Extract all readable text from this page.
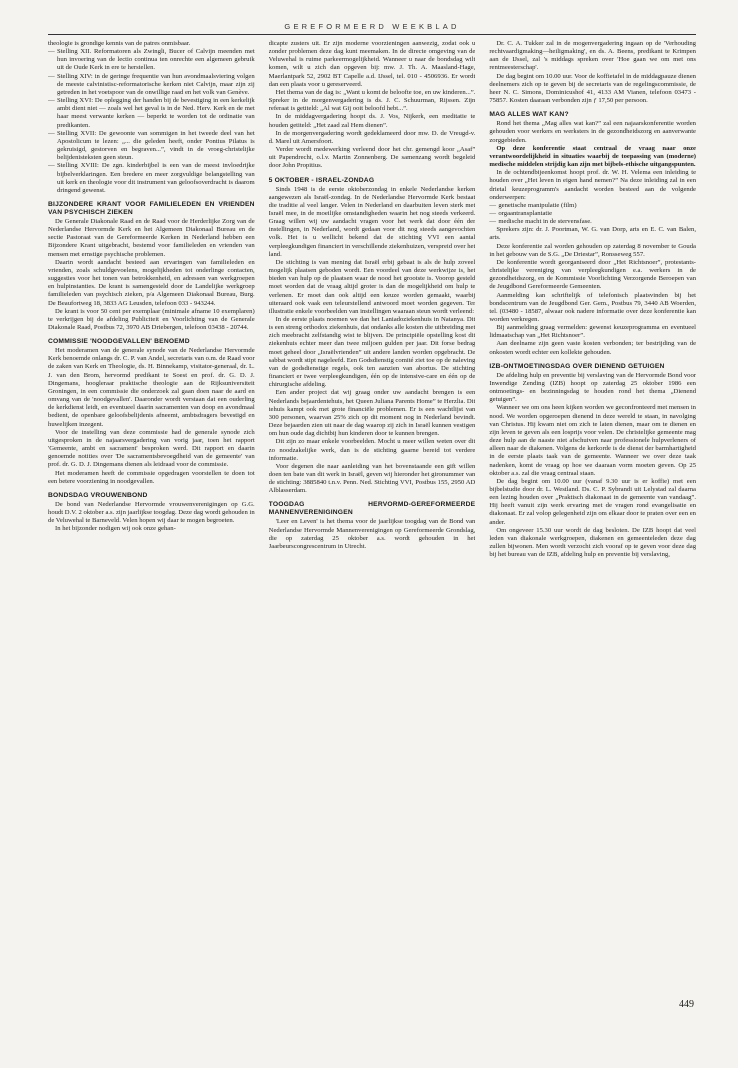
GEREFORMEERD WEEKBLAD

theologie is grondige kennis van de patres onmisbaar.

— Stelling XII. Reformatoren als Zwingli, Bucer of Calvijn meenden met hun invoering van de lectio continua ten onrechte een algemeen gebruik uit de Oude Kerk in ere te herstellen.
— Stelling XIV: in de geringe frequentie van hun avondmaalsviering volgen de meeste calvinistisc-reformatorische kerken niet Calvijn, maar zijn zij getreden in het voetspoor van de onwillige raad en het volk van Genève.
— Stelling XVI: De oplegging der handen bij de bevestiging in een kerkelijk ambt dient niet — zoals wel het geval is in de Ned. Herv. Kerk en de met haar meest verwante kerken — beperkt te worden tot de ordinatie van predikanten.
— Stelling XVII: De gewoonte van sommigen in het tweede deel van het Apostolicum te lezen: „... die geleden heeft, onder Pontius Pilatus is gekruisigd, gestorven en begraven...”, vindt in de vroeg-christelijke belijdenisteksten geen steun.
— Stelling XVIII: De zgn. kinderbijbel is een van de meest invloedrijke bijbelverklaringen. Een bredere en meer zorgvuldige belangstelling van uit kerk en theologie voor dit instrument van geloofsoverdracht is daarom dringend gewenst.
BIJZONDERE KRANT VOOR FAMILIELEDEN EN VRIENDEN VAN PSYCHISCH ZIEKEN

De Generale Diakonale Raad en de Raad voor de Herderlijke Zorg van de Nederlandse Hervormde Kerk en het Algemeen Diakonaal Bureau en de sectie Pastoraat van de Gereformeerde Kerken in Nederland hebben een Bijzondere Krant uitgebracht, bestemd voor familieleden en vrienden van mensen met ernstige psychische problemen.

Daarin wordt aandacht besteed aan ervaringen van familieleden en vrienden, zoals schuldgevoelens, mogelijkheden tot onderlinge contacten, suggesties voor het tonen van betrokkenheid, en adressen van werkgroepen en hulpinstanties. De krant is samengesteld door de Landelijke werkgroep familieleden van psychisch zieken, p/a Algemeen Diakonaal Bureau, Burg. De Beaufortweg 18, 3833 AG Leusden, telefoon 033 - 943244.

De krant is voor 50 cent per exemplaar (minimale afname 10 exemplaren) te verkrijgen bij de afdeling Publiciteit en Voorlichting van de Generale Diakonale Raad, Postbus 72, 3970 AB Driebergen, telefoon 03438 - 20744.

COMMISSIE 'NOODGEVALLEN' BENOEMD

Het moderamen van de generale synode van de Nederlandse Hervormde Kerk benoemde onlangs dr. C. P. van Andel, secretaris van o.m. de Raad voor de zaken van Kerk en Theologie, ds. H. Binnekamp, visitator-generaal, dr. L. J. van den Brom, hervormd predikant te Soest en prof. dr. G. D. J. Dingemans, hoogleraar praktische theologie aan de Rijksuniversiteit Groningen, in een commissie die onderzoek zal gaan doen naar de aard en omvang van de 'noodgevallen'. Daaronder wordt verstaan dat een ouderling de kerkdienst leidt, en eventueel daarin sacramenten van doop en avondmaal bedient, de openbare geloofsbelijdenis afneemt, ambtsdragers bevestigd en huwelijken inzegent.

Voor de instelling van deze commissie had de generale synode zich uitgesproken in de najaarsvergadering van vorig jaar, toen het rapport 'Gemeente, ambt en sacrament' besproken werd. Dit rapport en daarin genoemde notities over 'De sacramentsbevoegdheid van de gemeente' van prof. dr. G. D. J. Dingemans dienen als leidraad voor de commissie.

Het moderamen heeft de commissie opgedragen voorstellen te doen tot een betere voorziening in noodgevallen.

BONDSDAG VROUWENBOND

De bond van Nederlandse Hervormde vrouwenverenigingen op G.G. houdt D.V. 2 oktober a.s. zijn jaarlijkse toogdag. Deze dag wordt gehouden in de Veluwehal te Barneveld. Velen hopen wij daar te mogen begroeten.

In het bijzonder nodigen wij ook onze gehan-

dicapte zusters uit. Er zijn moderne voorzieningen aanwezig, zodat ook u zonder problemen deze dag kunt meemaken. In de directe omgeving van de Veluwehal is ruime parkeermogelijkheid. Wanneer u naar de bondsdag wilt komen, wilt u zich dan opgeven bij: mw. J. Th. A. Maasland-Hage, Maerlantpark 52, 2902 BT Capelle a.d. IJssel, tel. 010 - 4506936. Er wordt dan een plaats voor u gereserveerd.

Het thema van de dag is: „Want u komt de beloofte toe, en uw kinderen...”. Spreker in de morgenvergadering is ds. J. C. Schuurman, Rijssen. Zijn referaat is getiteld: „Al wat Gij ooit beloofd hebt...”.

In de middagvergadering hoopt ds. J. Vos, Nijkerk, een meditatie te houden getiteld: „Het zaad zal Hem dienen”.

In de morgenvergadering wordt gedeklameerd door mw. D. de Vreugd-v. d. Marel uit Amersfoort.

Verder wordt medewerking verleend door het chr. gemengd koor „Asaf” uit Papendrecht, o.l.v. Martin Zonnenberg. De samenzang wordt begeleid door John Propitius.

5 OKTOBER - ISRAEL-ZONDAG

Sinds 1948 is de eerste oktoberzondag in enkele Nederlandse kerken aangewezen als Israël-zondag. In de Nederlandse Hervormde Kerk bestaat die traditie al veel langer. Velen in Nederland en daarbuiten leven sterk met Israël mee, in de moeilijke omstandigheden waarin het nog steeds verkeerd. Graag willen wij uw aandacht vragen voor het werk dat door één der instellingen, in Nederland, wordt gedaan voor dit nog steeds aangevochten volk. Het is u wellicht bekend dat de stichting VVI een aantal verpleegkundigen financiert in verschillende ziekenhuizen, verspreid over het land.

De stichting is van mening dat Israël erbij gebaat is als de hulp zoveel mogelijk plaatsen geboden wordt. Een voordeel van deze werkwijze is, het bieden van hulp op de plaatsen waar de nood het grootste is. Voorop gesteld moet worden dat de vraag altijd groter is dan de mogelijkheid om hulp te verlenen. Er moet dan ook altijd een keuze worden gemaakt, waarbij uiteraard ook vaak een teleurstellend antwoord moet worden gegeven. Ter illustratie enkele voorbeelden van instellingen waaraan steun wordt verleend:

In de eerste plaats noemen we dan het Laniadoziekenhuis in Natanya. Dit is een streng orthodox ziekenhuis, dat ondanks alle kosten die uitbreiding met zich meebracht zelfstandig wist te blijven. De principiële opstelling kost dit ziekenhuis echter meer dan twee miljoen gulden per jaar. Dit forse bedrag moet geheel door „Israëlvrienden” uit andere landen worden opgebracht. De sabbat wordt stipt nageleefd. Een Godsdienstig comité ziet toe op de naleving van de godsdienstige regels, ook ten aanzien van abortus. De stichting financiert er twee verpleegkundigen, één op de intensive-care en één op de chirurgische afdeling.

Een ander project dat wij graag onder uw aandacht brengen is een Nederlands bejaardentehuis, het Queen Juliana Parents Home” te Herzlia. Dit tehuis kampt ook met grote financiële problemen. Er is een wachtlijst van 300 personen, waarvan 25% zich op dit moment nog in Nederland bevindt. Deze bejaarden zien uit naar de dag waarop zij zich in Israël kunnen vestigen om hun oude dag dichtbij hun kinderen door te kunnen brengen.

Dit zijn zo maar enkele voorbeelden. Mocht u meer willen weten over dit zo noodzakelijke werk, dan is de stichting gaarne bereid tot verdere informatie.

Voor degenen die naar aanleiding van het bovenstaande een gift willen doen ten bate van dit werk in Israël, geven wij hieronder het gironummer van de stichting: 3885840 t.n.v. Penn. Ned. Stichting VVI, Postbus 155, 2950 AD Alblasserdam.

TOOGDAG HERVORMD-GEREFORMEERDE MANNENVERENIGINGEN

'Leer en Leven' is het thema voor de jaarlijkse toogdag van de Bond van Nederlandse Hervormde Mannenverenigingen op Gereformeerde Grondslag, die op zaterdag 25 oktober a.s. wordt gehouden in het Jaarbeurscongrescentrum in Utrecht.

Dr. C. A. Tukker zal in de mogenvergadering ingaan op de 'Verhouding rechtvaardigmaking—heiligmaking', en ds. A. Beens, predikant te Krimpen aan de IJssel, zal 's middags spreken over 'Hoe gaan we om met ons rentmeesterschap'.

De dag begint om 10.00 uur. Voor de koffietafel in de middagpauze dienen deelnemers zich op te geven bij de secretaris van de regelingscommissie, de heer N. C. Simons, Dominicushof 41, 4133 AM Vianen, telefoon 03473 - 75857. Kosten daaraan verbonden zijn ƒ 17,50 per persoon.

MAG ALLES WAT KAN?

Rond het thema „Mag alles wat kan?” zal een najaarskonferentie worden gehouden voor werkers en werksters in de gezondheidszorg en aanverwante zorggebieden.

Op deze konferentie staat centraal de vraag naar onze verantwoordelijkheid in situaties waarbij de toepassing van (moderne) medische middelen strijdig kan zijn met bijbels-ethische uitgangspunten.

In de ochtendbijeenkomst hoopt prof. dr. W. H. Velema een inleiding te houden over „Het leven in eigen hand nemen?” Na deze inleiding zal in een drietal keuzeprogramm's aandacht worden besteed aan de volgende onderwerpen:

— genetische manipulatie (film)
— orgaantransplantatie
— medische macht in de stervensfase.

Sprekers zijn: dr. J. Poortman, W. G. van Dorp, arts en E. C. van Balen, arts.

Deze konferentie zal worden gehouden op zaterdag 8 november te Gouda in het gebouw van de S.G. „De Driestar”, Ronsseweg 557.

De konferentie wordt georganiseerd door „Het Richtsnoer”, protestants-christelijke vereniging van verpleegkundigen e.a. werkers in de gezondheidszorg, en de Kommissie Voorlichting Verzorgende Beroepen van de Jeugdbond Gereformeerde Gemeenten.

Aanmelding kan schriftelijk of telefonisch plaatsvinden bij het bondscentrum van de Jeugdbond Ger. Gem., Postbus 79, 3440 AB Woerden, tel. (03480 - 18587, alwaar ook nadere informatie over deze konferentie kan worden verkregen.

Bij aanmelding graag vermelden: gewenst keuzeprogramma en eventueel lidmaatschap van „Het Richtsnoer”.

Aan deelname zijn geen vaste kosten verbonden; ter bestrijding van de onkosten wordt echter een kollekte gehouden.

IZB-ONTMOETINGSDAG OVER DIENEND GETUIGEN

De afdeling hulp en preventie bij verslaving van de Hervormde Bond voor Inwendige Zending (IZB) hoopt op zaterdag 25 oktober 1986 een ontmoetings- en bezinningsdag te houden rond het thema „Dienend getuigen”.

Wanneer we om ons heen kijken worden we geconfronteerd met mensen in nood. We worden opgeroepen dienend in deze wereld te staan, in navolging van Christus. Hij kwam niet om zich te laten dienen, maar om te dienen en zijn leven te geven als een losprijs voor velen. De christelijke gemeente mag deze hulp aan de naaste niet afschuiven naar professionele hulpverleners of alleen naar de diakenen. Volgens de kerkorde is de dienst der barmhartigheid in de eerste plaats taak van de gemeente. Wanneer we over deze taak nadenken, komt de vraag op hoe we daaraan vorm moeten geven. Op 25 oktober a.s. zal die vraag centraal staan.

De dag begint om 10.00 uur (vanaf 9.30 uur is er koffie) met een bijbelstudie door dr. L. Westland. Ds. C. P. Sybrandi uit Lelystad zal daarna een lezing houden over „Praktisch diakonaat in de gemeente van vandaag”. Hij heeft vanuit zijn werk ervaring met de vragen rond evangelisatie en diakonaat. Er zal volop gelegenheid zijn om elkaar door te praten over een en ander.

Om ongeveer 15.30 uur wordt de dag besloten. De IZB hoopt dat veel leden van diakonale werkgroepen, diakenen en gemeenteleden deze dag zullen bijwonen. Men wordt verzocht zich vooraf op te geven voor deze dag bij het bureau van de IZB, afdeling hulp en preventie bij verslaving,

449
